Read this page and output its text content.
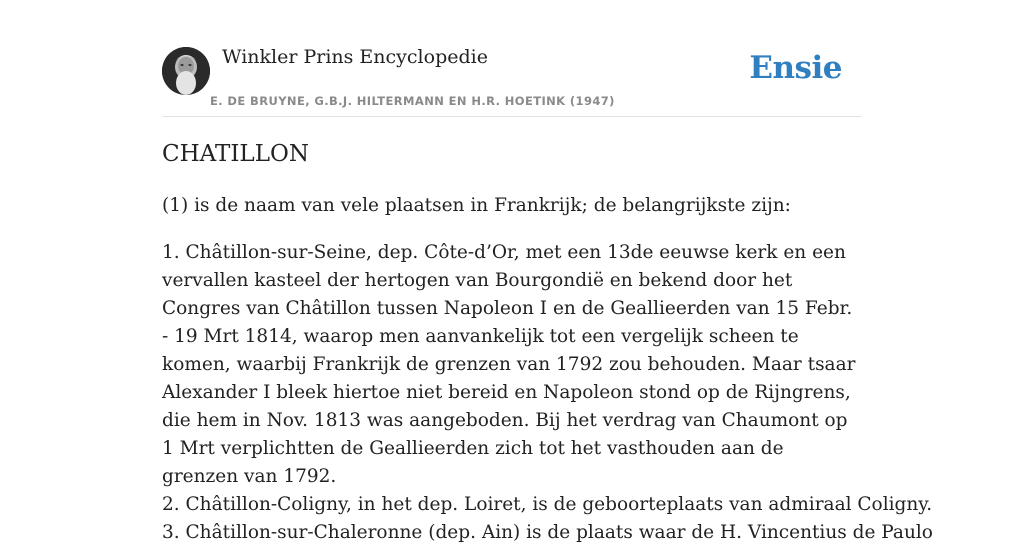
Winkler Prins Encyclopedie
E. DE BRUYNE, G.B.J. HILTERMANN EN H.R. HOETINK (1947)
Ensie
CHATILLON
(1) is de naam van vele plaatsen in Frankrijk; de belangrijkste zijn:

1. Châtillon-sur-Seine, dep. Côte-d’Or, met een 13de eeuwse kerk en een vervallen kasteel der hertogen van Bourgondië en bekend door het Congres van Châtillon tussen Napoleon I en de Geallieerden van 15 Febr. - 19 Mrt 1814, waarop men aanvankelijk tot een vergelijk scheen te komen, waarbij Frankrijk de grenzen van 1792 zou behouden. Maar tsaar Alexander I bleek hiertoe niet bereid en Napoleon stond op de Rijngrens, die hem in Nov. 1813 was aangeboden. Bij het verdrag van Chaumont op 1 Mrt verplichtten de Geallieerden zich tot het vasthouden aan de grenzen van 1792.

2. Châtillon-Coligny, in het dep. Loiret, is de geboorteplaats van admiraal Coligny.

3. Châtillon-sur-Chaleronne (dep. Ain) is de plaats waar de H. Vincentius de Paulo
